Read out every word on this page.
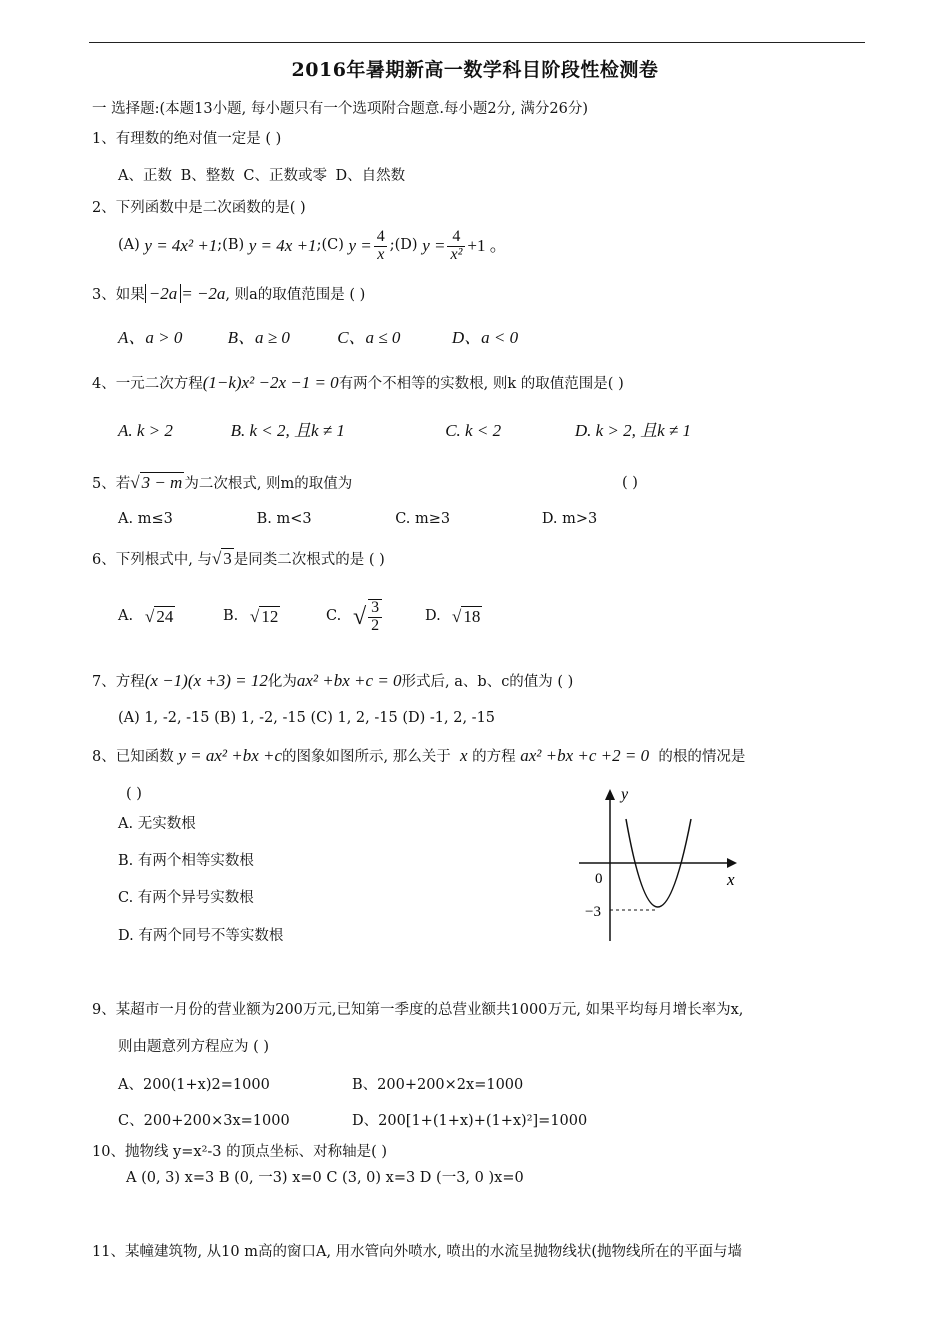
2016年暑期新高一数学科目阶段性检测卷
一 选择题:(本题13小题, 每小题只有一个选项附合题意.每小题2分, 满分26分)
1、有理数的绝对值一定是 ( )
A、正数 B、整数 C、正数或零 D、自然数
2、下列函数中是二次函数的是( )
(A)
y = 4x² +1 ;(B)
y = 4x +1 ;(C)
$y = \frac{4}{x}$ ;(D)
$y = \frac{4}{\text{x²}} +1$ 。
3、如果 −2a = −2a, 则a的取值范围是 ( )
A、a > 0	B、a ≥ 0	C、a ≤ 0	D、a < 0
4、一元二次方程(1−k)x² −2x −1 = 0有两个不相等的实数根, 则k 的取值范围是( )
A. k > 2	B. k < 2, 且k ≠ 1	C. k < 2	D. k > 2, 且k ≠ 1
5、若√ 3 − m 为二次根式, 则m的取值为	( )
A. m≤3	B. m<3	C. m≥3	D. m>3
6、下列根式中, 与√ 3 是同类二次根式的是 ( )
A. √ 24	B. √ 12	C. √ $\frac{3}{2}$	D. √ 18
7、方程(x −1)(x +3) = 12化为ax² +bx +c = 0形式后, a、b、c的值为 ( )
(A) 1, -2, -15 (B) 1, -2, -15 (C) 1, 2, -15 (D) -1, 2, -15
8、已知函数 y = ax² +bx +c的图象如图所示, 那么关于 x 的方程 ax² +bx +c +2 = 0 的根的情况是
( )
A. 无实数根
B. 有两个相等实数根
C. 有两个异号实数根
D. 有两个同号不等实数根
y
x
0
−3
9、某超市一月份的营业额为200万元,已知第一季度的总营业额共1000万元, 如果平均每月增长率为x,
则由题意列方程应为 ( )
A、200(1+x)2=1000	B、200+200×2x=1000
C、200+200×3x=1000	D、200[1+(1+x)+(1+x)²]=1000
10、抛物线 y=x²-3 的顶点坐标、对称轴是( )
A (0, 3) x=3 B (0, 一3) x=0 C (3, 0) x=3 D (一3, 0 )x=0
11、某幢建筑物, 从10 m高的窗口A, 用水管向外喷水, 喷出的水流呈抛物线状(抛物线所在的平面与墙
